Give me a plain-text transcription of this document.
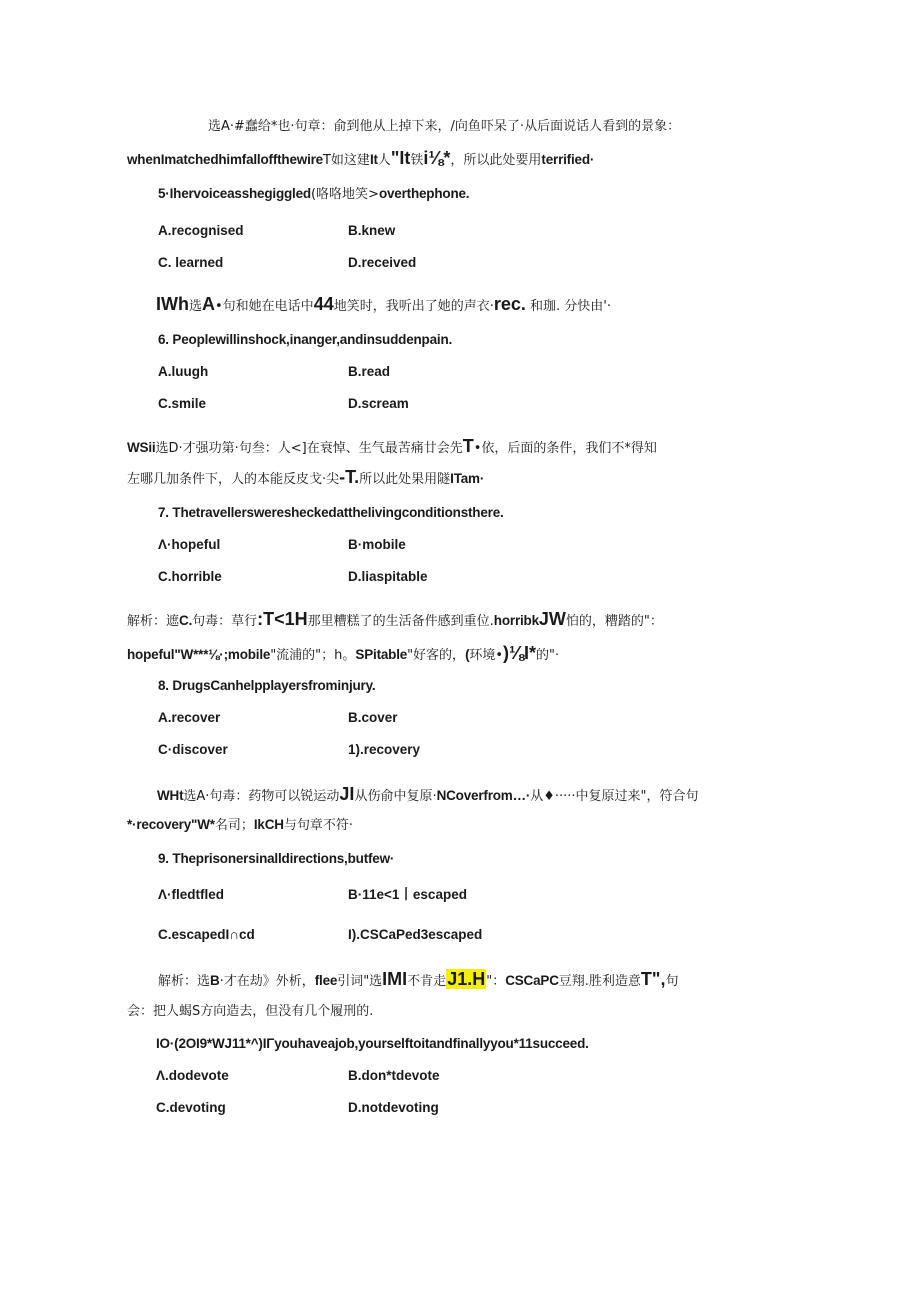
选A·#蠢给*也·句章：俞到他从上掉下来，/向鱼吓呆了·从后面说话人看到的景象：
whenImatchedhimfalloffthewireT如这建It人"It铁i⅛*，所以此处要用terrified·
5·Ihervoiceasshegiggled(咯咯地笑>overthephone.
A.recognised	B.knew
C. learned	D.received
IWh选A•句和她在电话中44地笑时，我听出了她的声衣·rec. 和珈. 分快由'·
6. Peoplewillinshock,inanger,andinsuddenpain.
A.luugh	B.read
C.smile	D.scream
WSii选D·才强功第·句叁：人<]在衰悼、生气最苦痛廿会先T•依，后面的条件，我们不*得知
左哪几加条件下，人的本能反皮戈·尖-T.所以此处果用隧ITam·
7. Thetravellersweresheckedatthelivingconditionsthere.
Λ·hopeful	B·mobile
C.horrible	D.liaspitable
解析：遮C.句毒：草行:T<1H那里糟糕了的生活备件感到重位.horribkJW怕的，糟踏的"：
hopeful"W***⅛·;mobile"流浦的"；h。SPitable"好客的，(环境•)⅛I*的"·
8. DrugsCanhelpplayersfrominjury.
A.recover	B.cover
C·discover	1).recovery
WHt选A·句毒：药物可以锐运动JI从伤俞中复原·NCoverfrom…·从♦·····中复原过来"，符合句
*·recovery"W*名司；IkCH与句章不符·
9. Theprisonersinalldirections,butfew·
Λ·fledtfled	B·11e<1丨escaped
C.escapedI∩cd	I).CSCaPed3escaped
解析：选B·才在劫》外析，flee引词"选IMI不肯走J1.H"：CSCaPC豆翔.胜利造意T",句
会：把人蝎S方向造去，但没有几个履刑的.
IO·(2OI9*WJ11*^)IΓyouhaveajob,yourselftoitandfinallyyou*11succeed.
Λ.dodevote	B.don*tdevote
C.devoting	D.notdevoting
